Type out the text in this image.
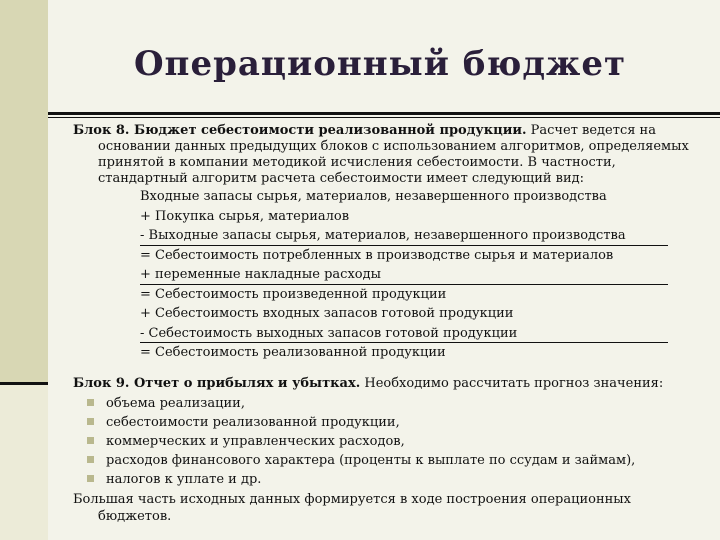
Операционный бюджет

Блок 8. Бюджет себестоимости реализованной продукции. Расчет ведется на основании данных предыдущих блоков с использованием алгоритмов, определяемых принятой в компании методикой исчисления себестоимости. В частности, стандартный алгоритм расчета себестоимости имеет следующий вид:

Входные запасы сырья, материалов, незавершенного производства
+ Покупка сырья, материалов
- Выходные запасы сырья, материалов, незавершенного производства
= Себестоимость потребленных в производстве сырья и материалов
+ переменные накладные расходы
= Себестоимость произведенной продукции
+ Себестоимость входных запасов готовой продукции
- Себестоимость выходных запасов готовой продукции
= Себестоимость реализованной продукции

Блок 9. Отчет о прибылях и убытках. Необходимо рассчитать прогноз значения:

объема реализации,
себестоимости реализованной продукции,
коммерческих и управленческих расходов,
расходов финансового характера (проценты к выплате по ссудам и займам),
налогов к уплате и др.

Большая часть исходных данных формируется в ходе построения операционных бюджетов.
